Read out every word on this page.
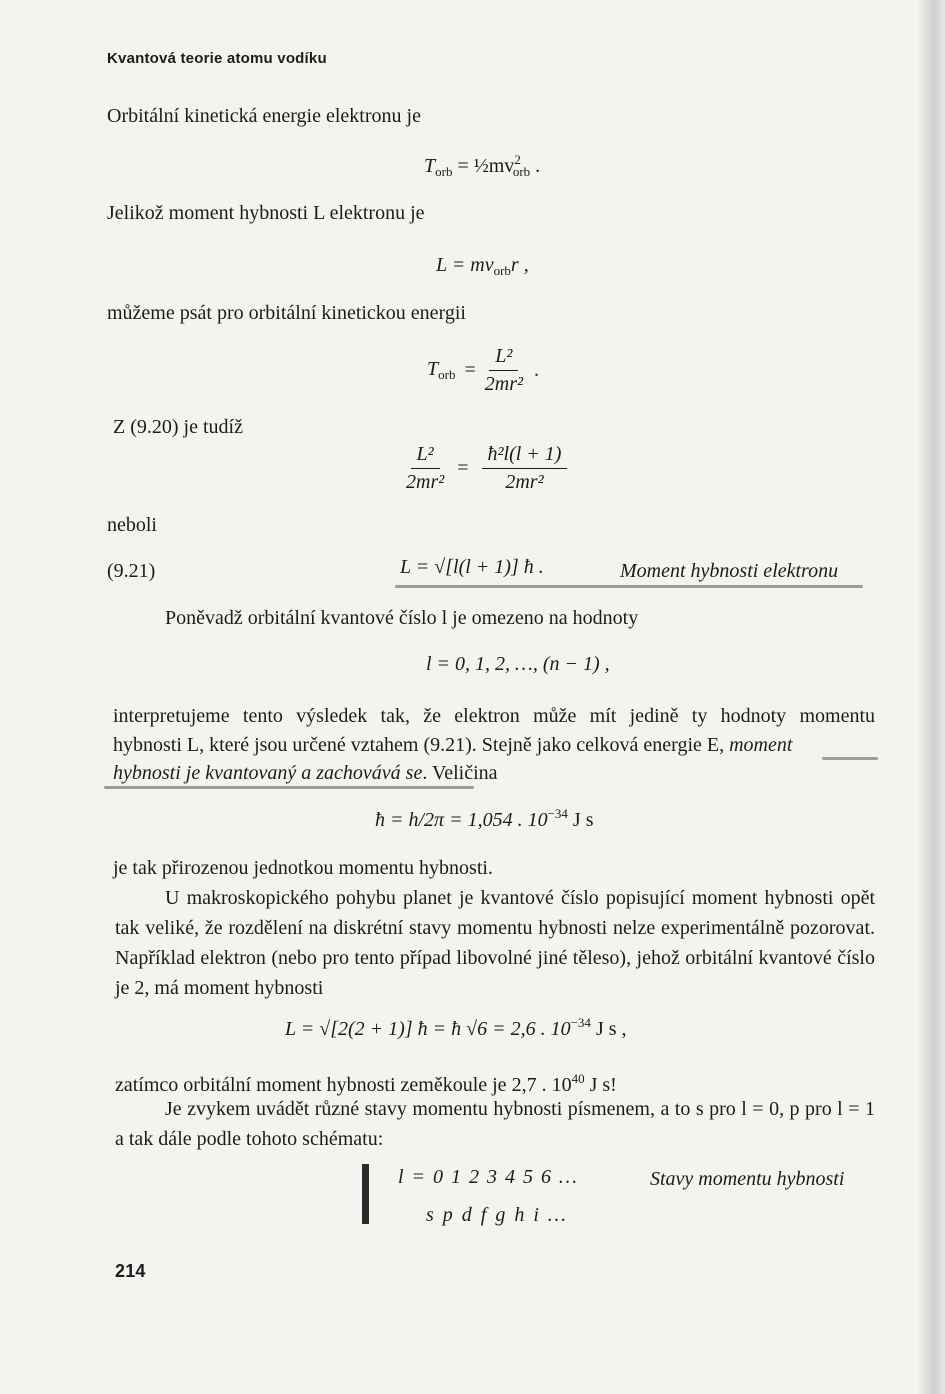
Kvantová teorie atomu vodíku
Orbitální kinetická energie elektronu je
$T_{orb}$ = $\frac{1}{2}mv^2_{orb}$ .
Jelikož moment hybnosti L elektronu je
$L = mv_{orb}r$ ,
můžeme psát pro orbitální kinetickou energii
$T_{orb} = \frac{\text{L²}}{\text{2mr²}}$ .
Z (9.20) je tudíž
$\frac{\text{L²}}{\text{2mr²}} = \frac{\text{ħ²l(l + 1)}}{\text{2mr²}}$
neboli
(9.21)	L = √[l(l + 1)] ħ .	Moment hybnosti elektronu
Poněvadž orbitální kvantové číslo l je omezeno na hodnoty
l = 0, 1, 2, …, (n − 1) ,
interpretujeme tento výsledek tak, že elektron může mít jedině ty hodnoty momentu
hybnosti L, které jsou určené vztahem (9.21). Stejně jako celková energie E, moment
hybnosti je kvantovaný a zachovává se. Veličina
ħ = h/2π = 1,054 . $10^{-34}$ J s
je tak přirozenou jednotkou momentu hybnosti.
U makroskopického pohybu planet je kvantové číslo popisující moment hybnosti opět tak veliké, že rozdělení na diskrétní stavy momentu hybnosti nelze experimentálně pozorovat. Například elektron (nebo pro tento případ libovolné jiné těleso), jehož orbitální kvantové číslo je 2, má moment hybnosti
L = √[2(2 + 1)] ħ = ħ √6 = 2,6 . $10^{-34}$ J s ,
zatímco orbitální moment hybnosti zeměkoule je 2,7 . $10^{40}$ J s!
Je zvykem uvádět různé stavy momentu hybnosti písmenem, a to s pro l = 0, p pro l = 1 a tak dále podle tohoto schématu:
l = 0 1 2 3 4 5 6 …
s p d f g h i …
Stavy momentu hybnosti
214
